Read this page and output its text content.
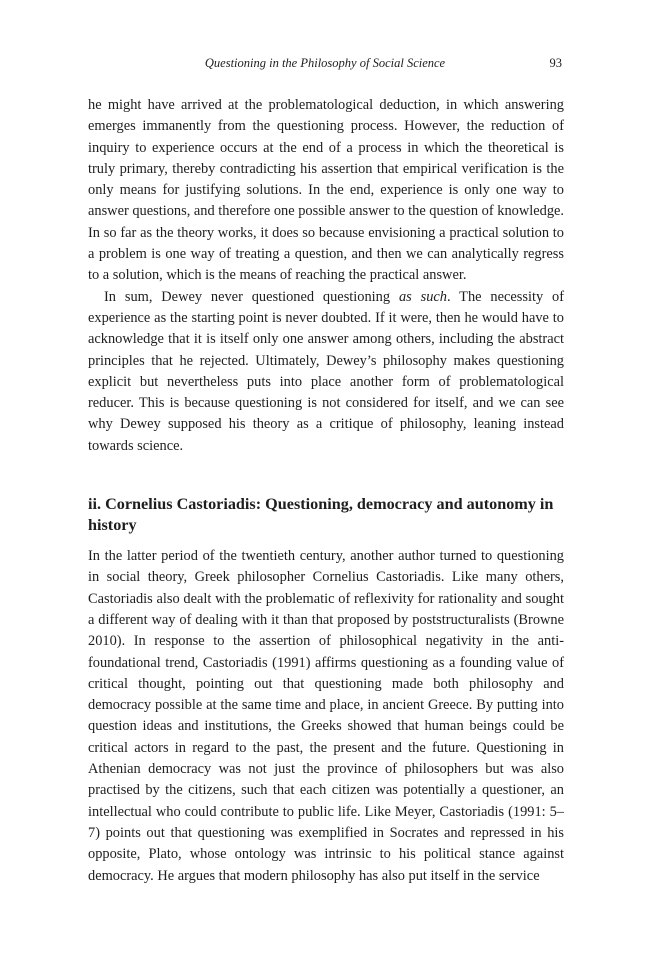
Questioning in the Philosophy of Social Science	93

he might have arrived at the problematological deduction, in which answering emerges immanently from the questioning process. However, the reduction of inquiry to experience occurs at the end of a process in which the theoretical is truly primary, thereby contradicting his assertion that empirical verification is the only means for justifying solutions. In the end, experience is only one way to answer questions, and therefore one possible answer to the question of knowledge. In so far as the theory works, it does so because envisioning a practical solution to a problem is one way of treating a question, and then we can analytically regress to a solution, which is the means of reaching the practical answer.

In sum, Dewey never questioned questioning as such. The necessity of experience as the starting point is never doubted. If it were, then he would have to acknowledge that it is itself only one answer among others, including the abstract principles that he rejected. Ultimately, Dewey’s philosophy makes questioning explicit but nevertheless puts into place another form of problematological reducer. This is because questioning is not considered for itself, and we can see why Dewey supposed his theory as a critique of philosophy, leaning instead towards science.

ii. Cornelius Castoriadis: Questioning, democracy and autonomy in history

In the latter period of the twentieth century, another author turned to questioning in social theory, Greek philosopher Cornelius Castoriadis. Like many others, Castoriadis also dealt with the problematic of reflexivity for rationality and sought a different way of dealing with it than that proposed by poststructuralists (Browne 2010). In response to the assertion of philosophical negativity in the anti-foundational trend, Castoriadis (1991) affirms questioning as a founding value of critical thought, pointing out that questioning made both philosophy and democracy possible at the same time and place, in ancient Greece. By putting into question ideas and institutions, the Greeks showed that human beings could be critical actors in regard to the past, the present and the future. Questioning in Athenian democracy was not just the province of philosophers but was also practised by the citizens, such that each citizen was potentially a questioner, an intellectual who could contribute to public life. Like Meyer, Castoriadis (1991: 5–7) points out that questioning was exemplified in Socrates and repressed in his opposite, Plato, whose ontology was intrinsic to his political stance against democracy. He argues that modern philosophy has also put itself in the service
